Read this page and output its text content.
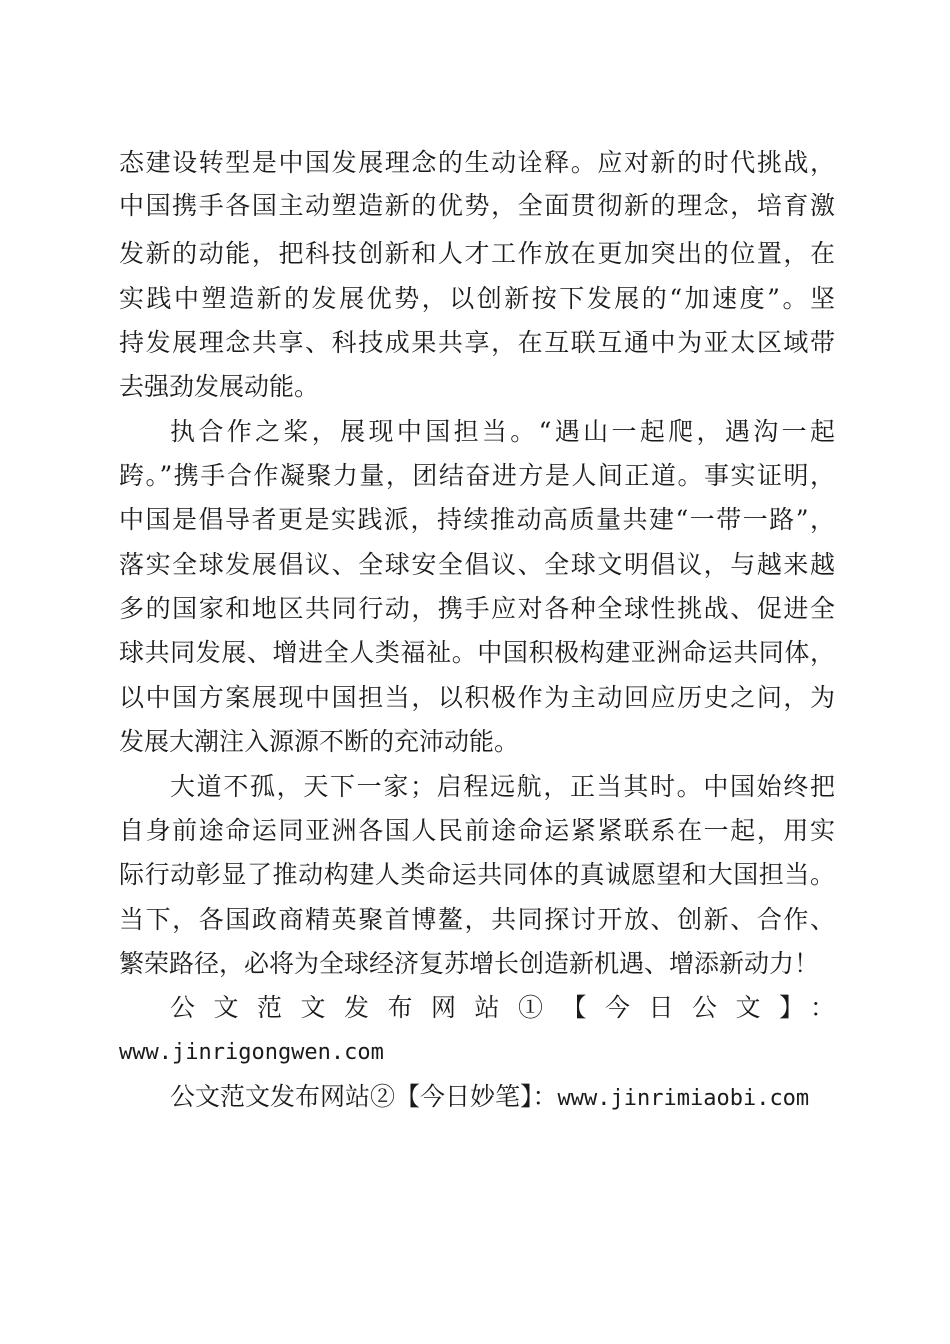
态建设转型是中国发展理念的生动诠释。应对新的时代挑战，
中国携手各国主动塑造新的优势，全面贯彻新的理念，培育激
发新的动能，把科技创新和人才工作放在更加突出的位置，在
实践中塑造新的发展优势，以创新按下发展的“加速度”。坚
持发展理念共享、科技成果共享，在互联互通中为亚太区域带
去强劲发展动能。
执合作之桨，展现中国担当。“遇山一起爬，遇沟一起
跨。”携手合作凝聚力量，团结奋进方是人间正道。事实证明，
中国是倡导者更是实践派，持续推动高质量共建“一带一路”，
落实全球发展倡议、全球安全倡议、全球文明倡议，与越来越
多的国家和地区共同行动，携手应对各种全球性挑战、促进全
球共同发展、增进全人类福祉。中国积极构建亚洲命运共同体，
以中国方案展现中国担当，以积极作为主动回应历史之问，为
发展大潮注入源源不断的充沛动能。
大道不孤，天下一家；启程远航，正当其时。中国始终把
自身前途命运同亚洲各国人民前途命运紧紧联系在一起，用实
际行动彰显了推动构建人类命运共同体的真诚愿望和大国担当。
当下，各国政商精英聚首博鳌，共同探讨开放、创新、合作、
繁荣路径，必将为全球经济复苏增长创造新机遇、增添新动力！
公文范文发布网站①【今日公文】：
www.jinrigongwen.com
公文范文发布网站②【今日妙笔】：www.jinrimiaobi.com
